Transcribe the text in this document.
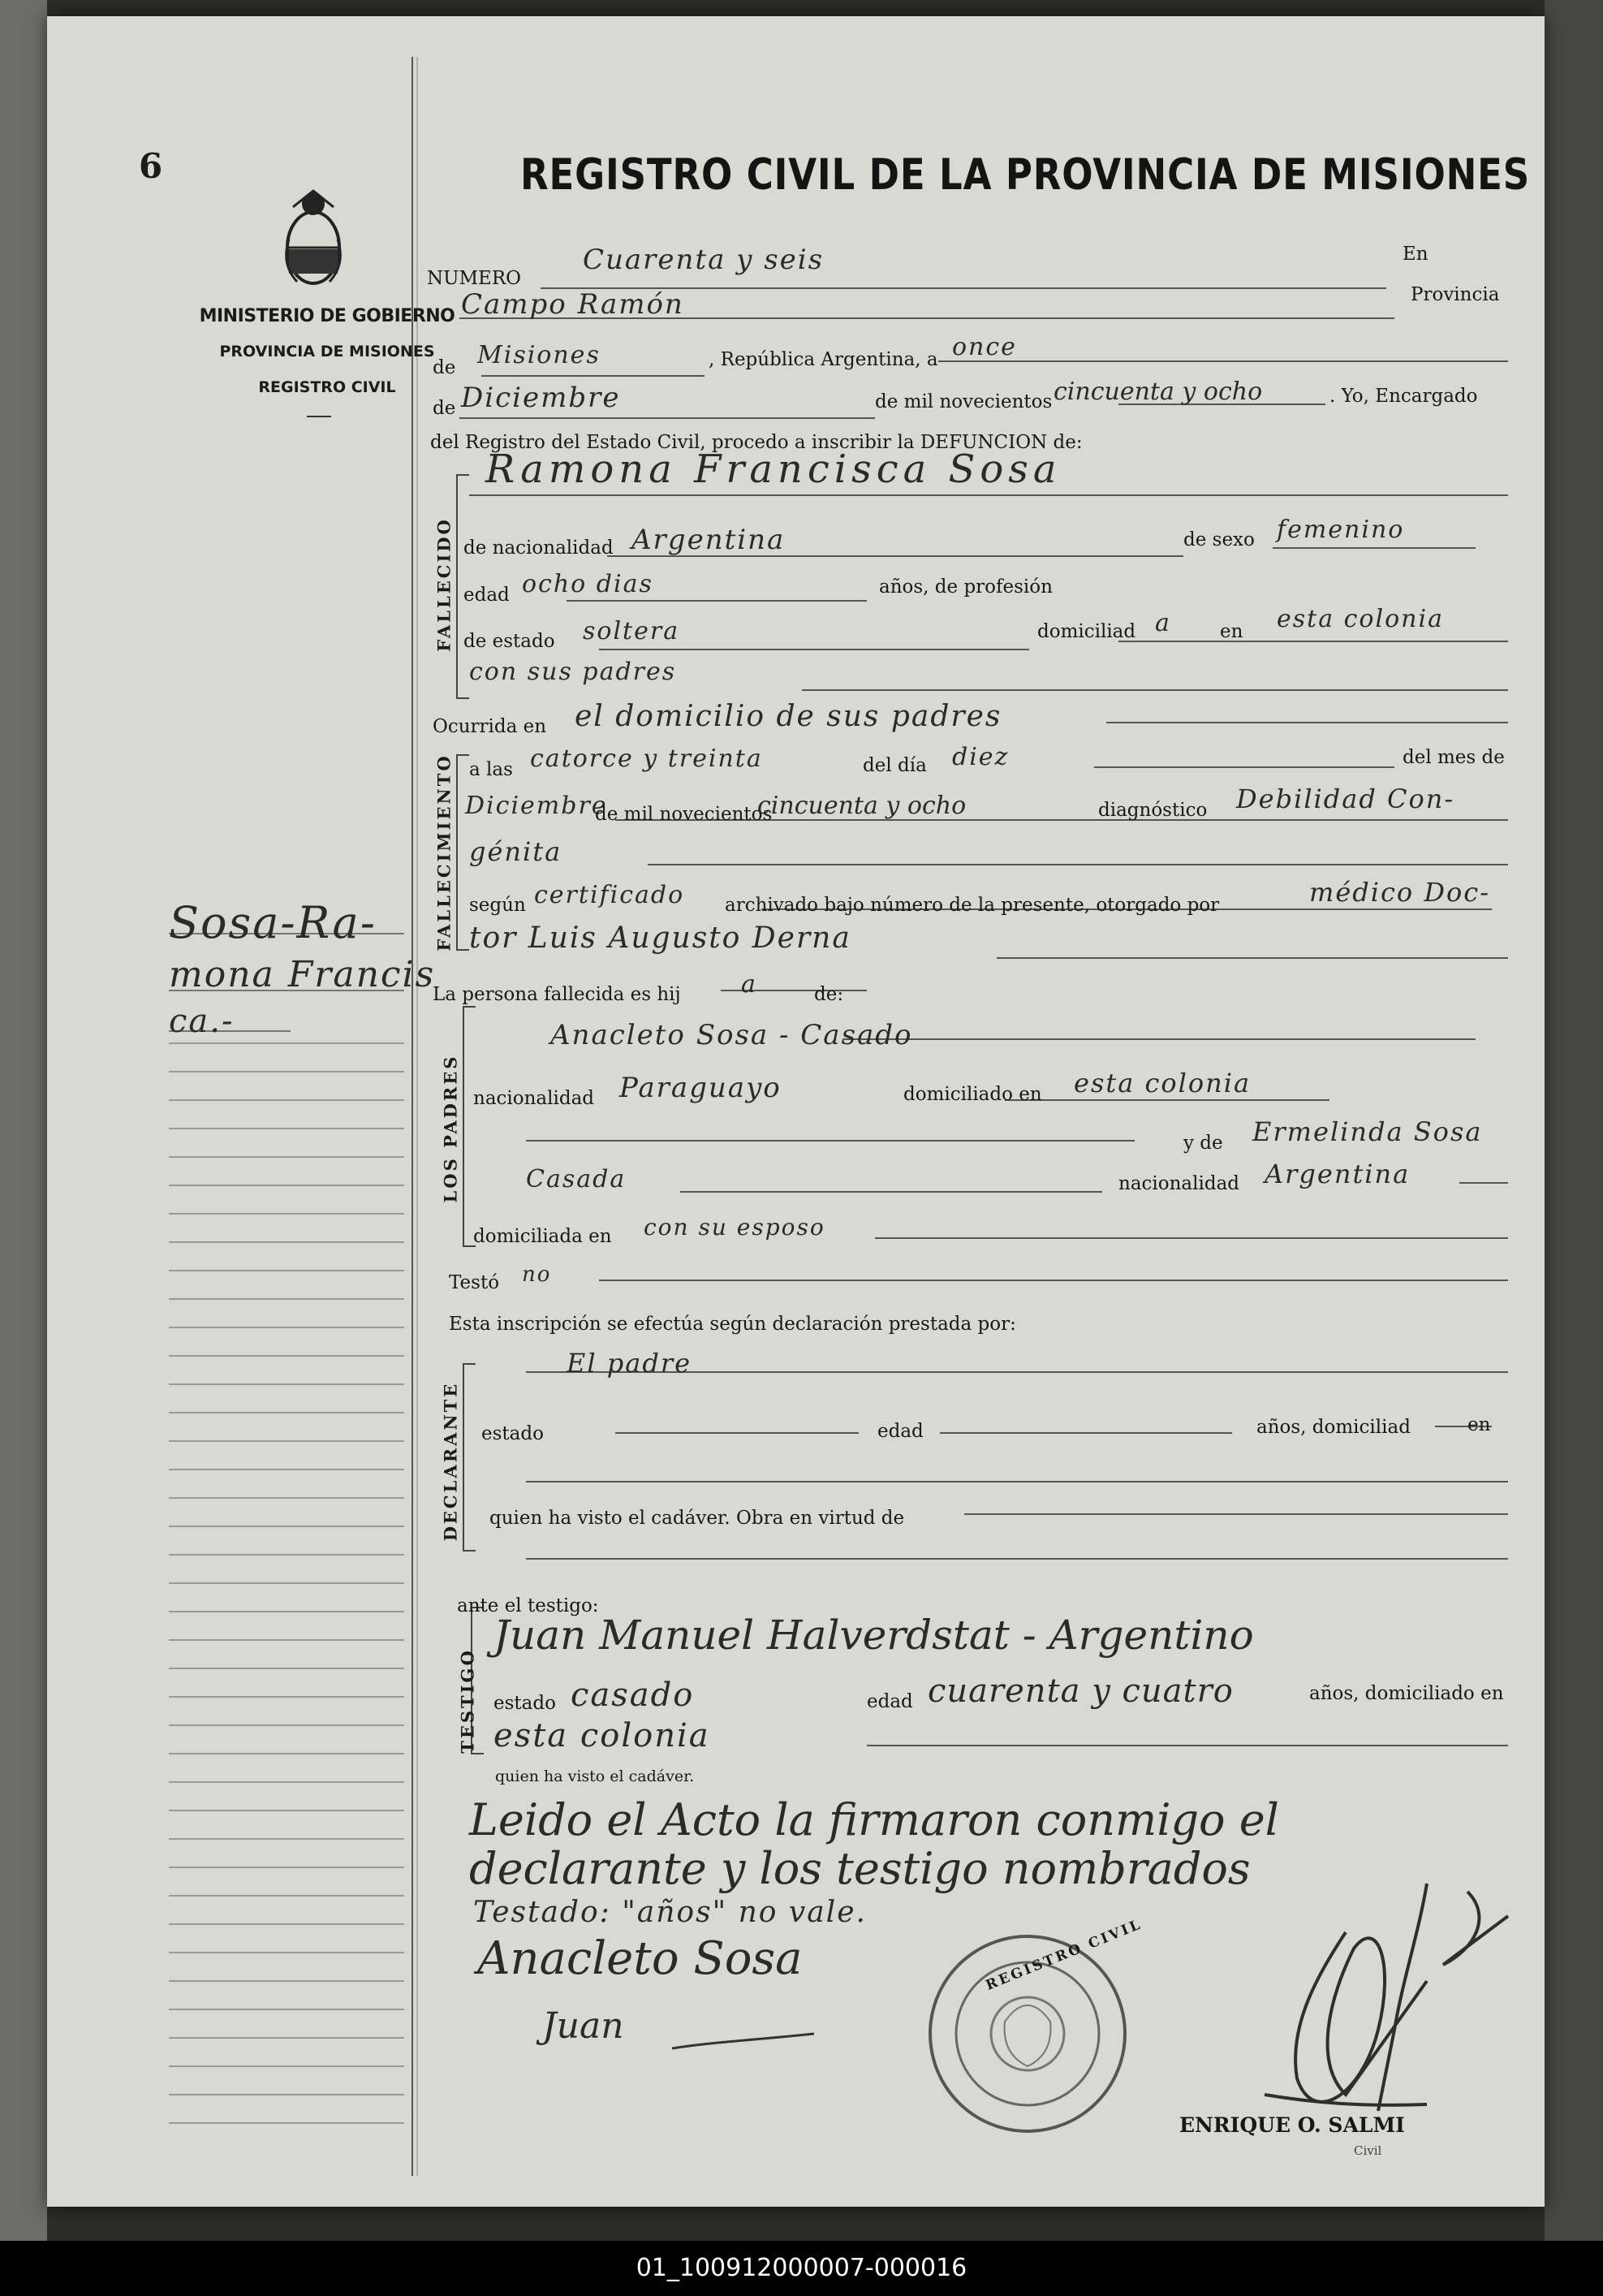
6
MINISTERIO DE GOBIERNO
PROVINCIA DE MISIONES
REGISTRO CIVIL
Sosa-Ra-
mona Francis
ca.-
REGISTRO CIVIL DE LA PROVINCIA DE MISIONES
NUMERO
Cuarenta y seis	En
Campo Ramón	Provincia
de Misiones	, República Argentina, a once
de Diciembre	de mil novecientos cincuenta y ocho	. Yo, Encargado
del Registro del Estado Civil, procedo a inscribir la DEFUNCION de:
FALLECIDO
Ramona Francisca Sosa
de nacionalidad Argentina	de sexo femenino
edad ocho dias	años, de profesión
de estado soltera	domiciliad a	en esta colonia
con sus padres
Ocurrida en el domicilio de sus padres
FALLECIMIENTO a las catorce y treinta	del día diez	del mes de
Diciembre
de mil novecientos
cincuenta y ocho	diagnóstico Debilidad Con-
génita
según certificado archivado bajo número de la presente, otorgado por	médico Doc-
tor Luis Augusto Derna
La persona fallecida es hij a	de:
LOS PADRES
Anacleto Sosa - Casado
nacionalidad Paraguayo	domiciliado en esta colonia
y de Ermelinda Sosa
Casada	nacionalidad Argentina
domiciliada en con su esposo
Testó no
Esta inscripción se efectúa según declaración prestada por:
DECLARANTE
El padre
estado	edad	años, domiciliad	en
quien ha visto el cadáver. Obra en virtud de
ante el testigo:
TESTIGO
Juan Manuel Halverdstat - Argentino
estado casado	edad cuarenta y cuatro	años, domiciliado en
esta colonia
quien ha visto el cadáver.
Leido el Acto la firmaron conmigo el
declarante y los testigo nombrados
Testado: "años" no vale.
Anacleto Sosa
Juan
REGISTRO CIVIL
ENRIQUE O. SALMI
Civil
01_100912000007-000016
